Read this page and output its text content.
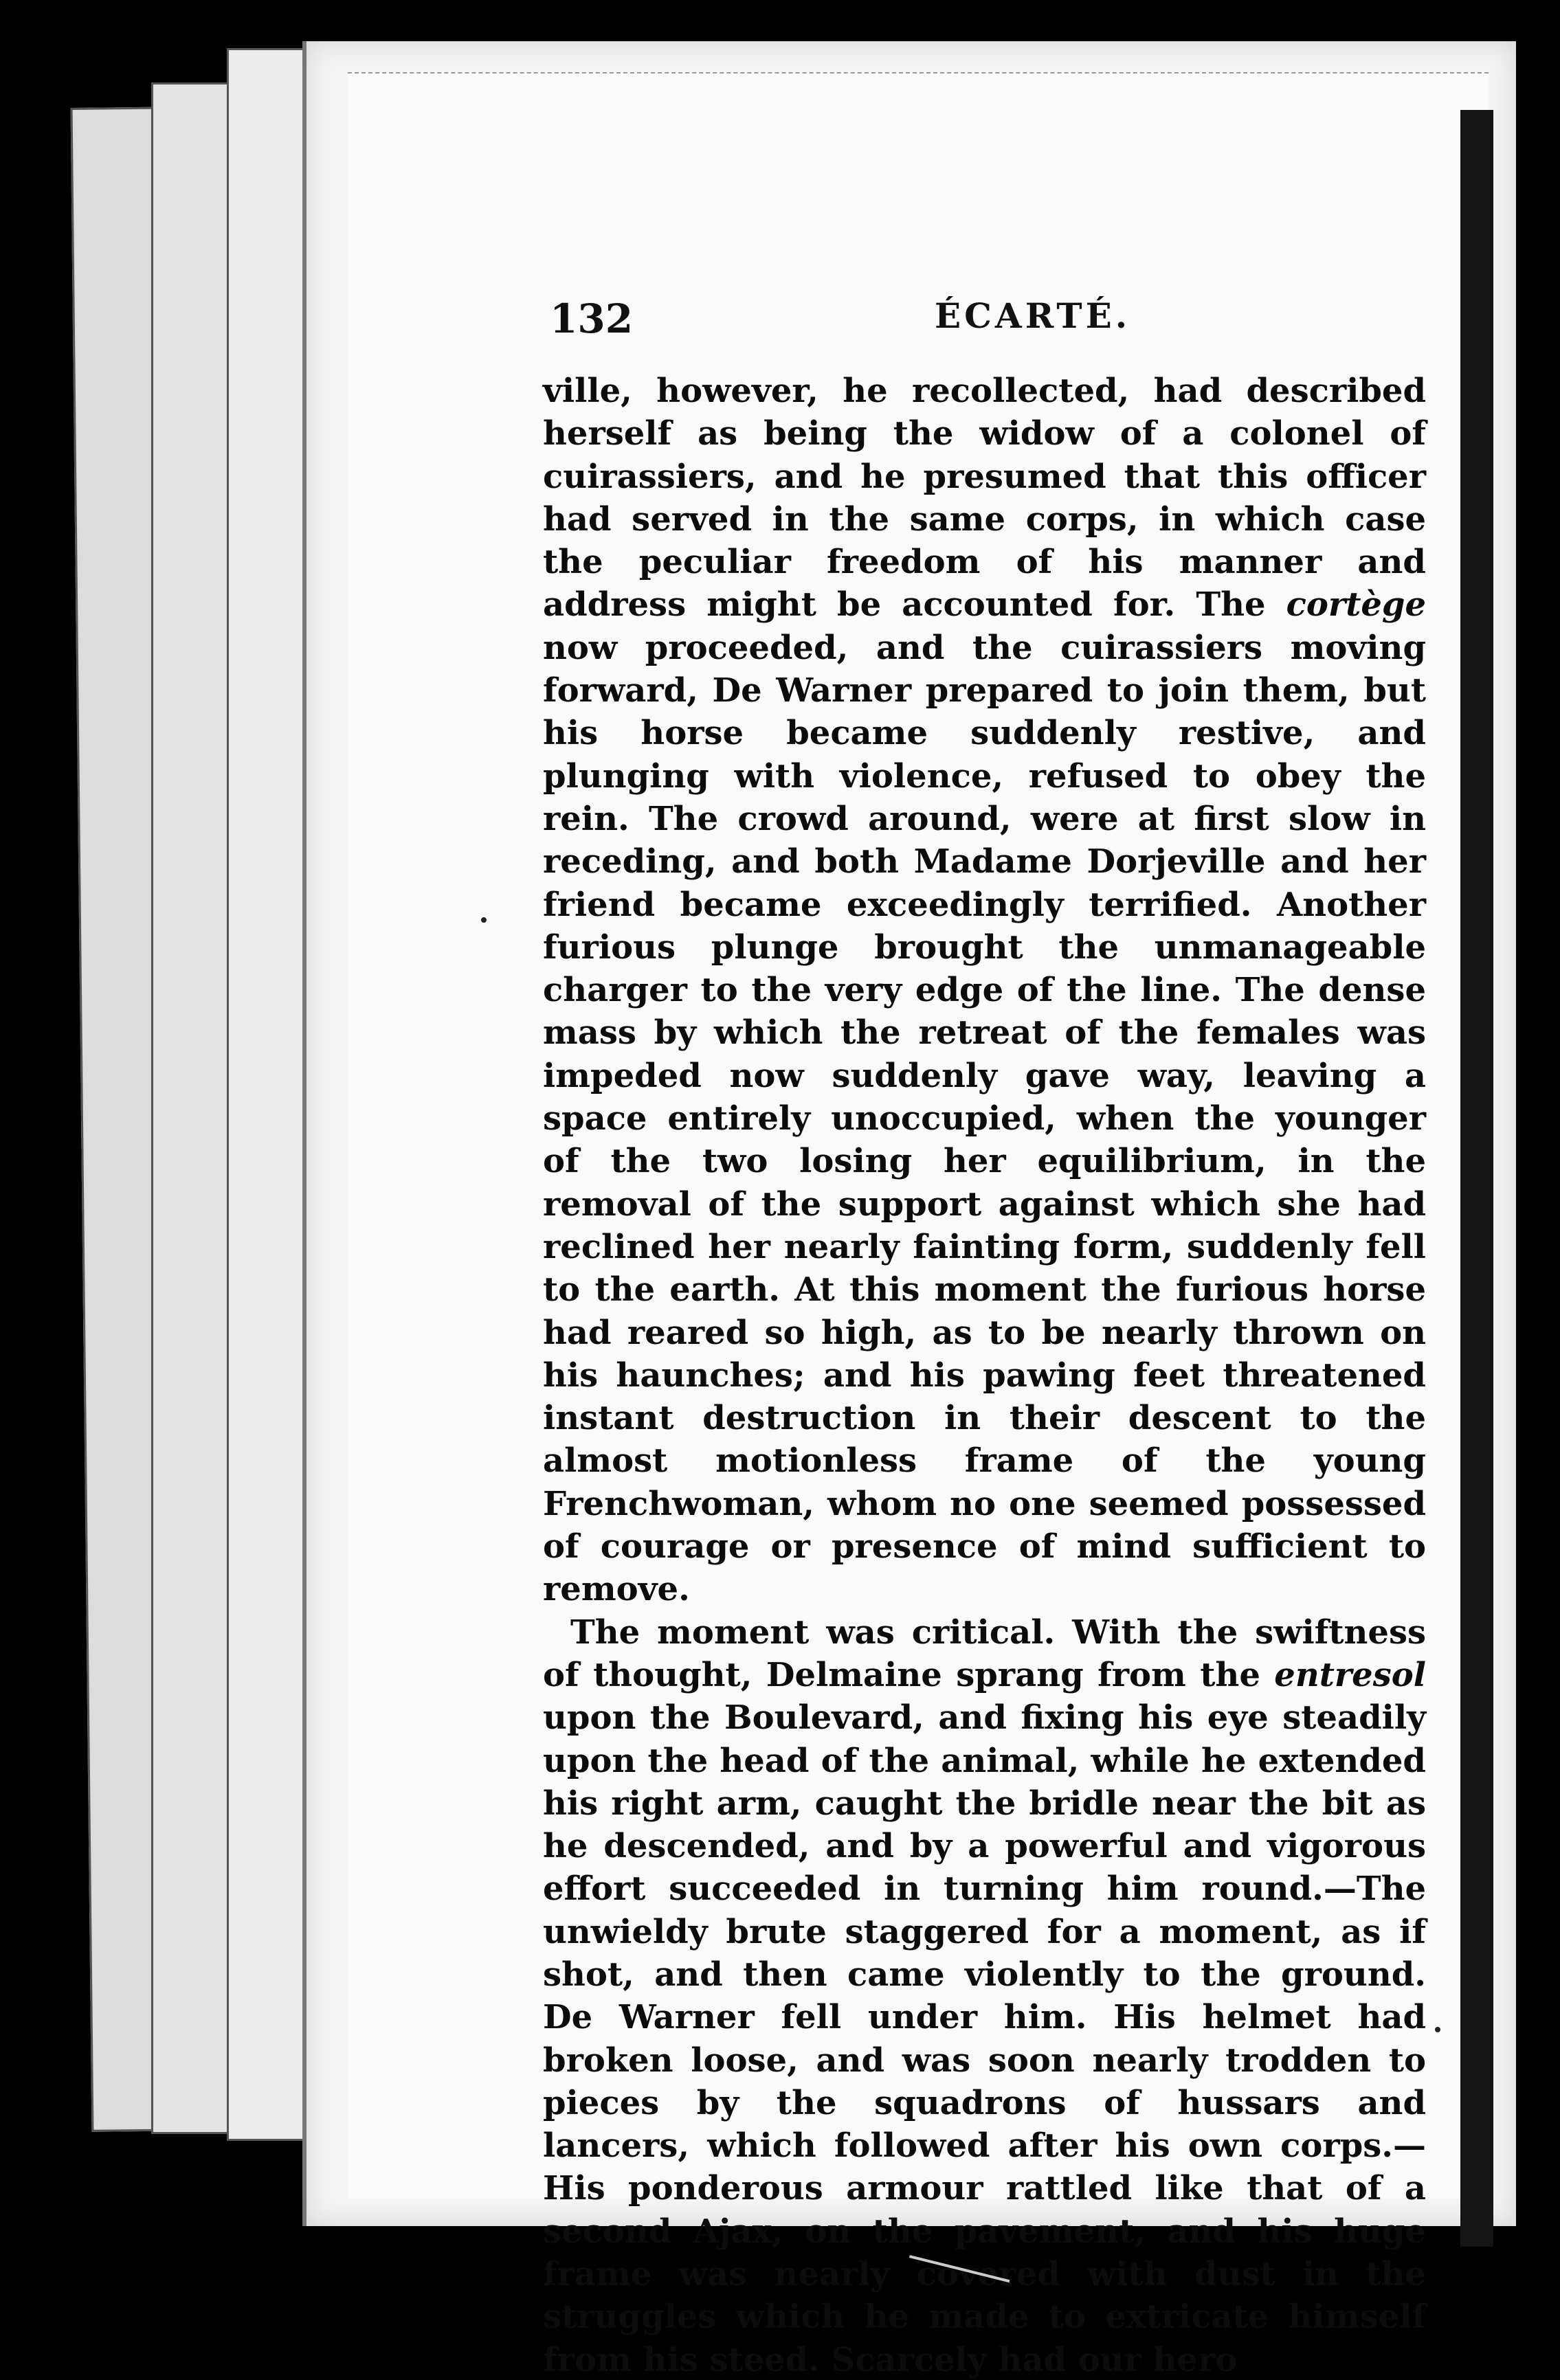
132	ÉCARTÉ.

ville, however, he recollected, had described herself as being the widow of a colonel of cuirassiers, and he presumed that this officer had served in the same corps, in which case the peculiar freedom of his manner and address might be accounted for. The cortège now proceeded, and the cuirassiers moving forward, De Warner prepared to join them, but his horse became suddenly restive, and plunging with violence, refused to obey the rein. The crowd around, were at first slow in receding, and both Madame Dorjeville and her friend became exceedingly terrified. Another furious plunge brought the unmanageable charger to the very edge of the line. The dense mass by which the retreat of the females was impeded now suddenly gave way, leaving a space entirely unoccupied, when the younger of the two losing her equilibrium, in the removal of the support against which she had reclined her nearly fainting form, suddenly fell to the earth. At this moment the furious horse had reared so high, as to be nearly thrown on his haunches; and his pawing feet threatened instant destruction in their descent to the almost motionless frame of the young Frenchwoman, whom no one seemed possessed of courage or presence of mind sufficient to remove.

The moment was critical. With the swiftness of thought, Delmaine sprang from the entresol upon the Boulevard, and fixing his eye steadily upon the head of the animal, while he extended his right arm, caught the bridle near the bit as he descended, and by a powerful and vigorous effort succeeded in turning him round.—The unwieldy brute staggered for a moment, as if shot, and then came violently to the ground. De Warner fell under him. His helmet had broken loose, and was soon nearly trodden to pieces by the squadrons of hussars and lancers, which followed after his own corps.—His ponderous armour rattled like that of a second Ajax, on the pavement, and his huge frame was nearly covered with dust in the struggles which he made to extricate himself from his steed. Scarcely had our hero
